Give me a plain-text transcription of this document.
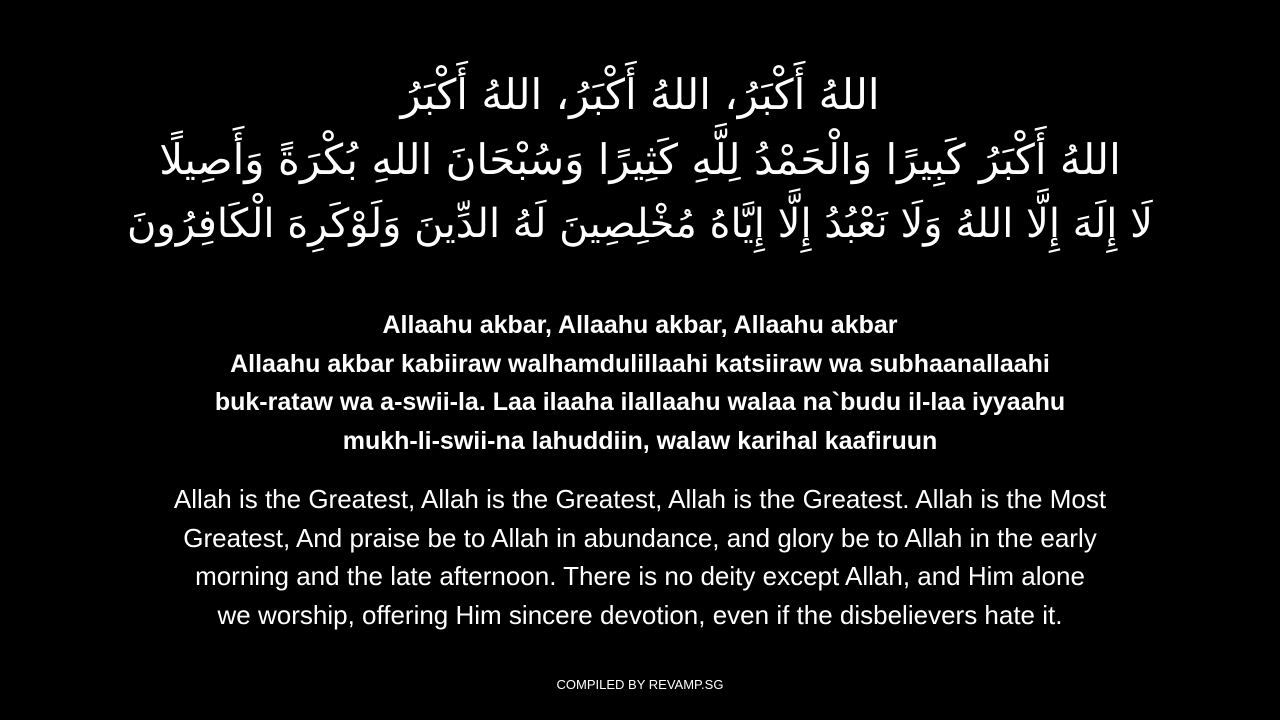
اللهُ أَكْبَرُ، اللهُ أَكْبَرُ، اللهُ أَكْبَرُ
اللهُ أَكْبَرُ كَبِيرًا وَالْحَمْدُ لِلَّهِ كَثِيرًا وَسُبْحَانَ اللهِ بُكْرَةً وَأَصِيلًا
لَا إِلَهَ إِلَّا اللهُ وَلَا نَعْبُدُ إِلَّا إِيَّاهُ مُخْلِصِينَ لَهُ الدِّينَ وَلَوْكَرِهَ الْكَافِرُونَ
Allaahu akbar, Allaahu akbar, Allaahu akbar
Allaahu akbar kabiiraw walhamdulillaahi katsiiraw wa subhaanallaahi
buk-rataw wa a-swii-la. Laa ilaaha ilallaahu walaa na`budu il-laa iyyaahu
mukh-li-swii-na lahuddiin, walaw karihal kaafiruun
Allah is the Greatest, Allah is the Greatest, Allah is the Greatest. Allah is the Most
Greatest, And praise be to Allah in abundance, and glory be to Allah in the early
morning and the late afternoon. There is no deity except Allah, and Him alone
we worship, offering Him sincere devotion, even if the disbelievers hate it.
COMPILED BY REVAMP.SG
